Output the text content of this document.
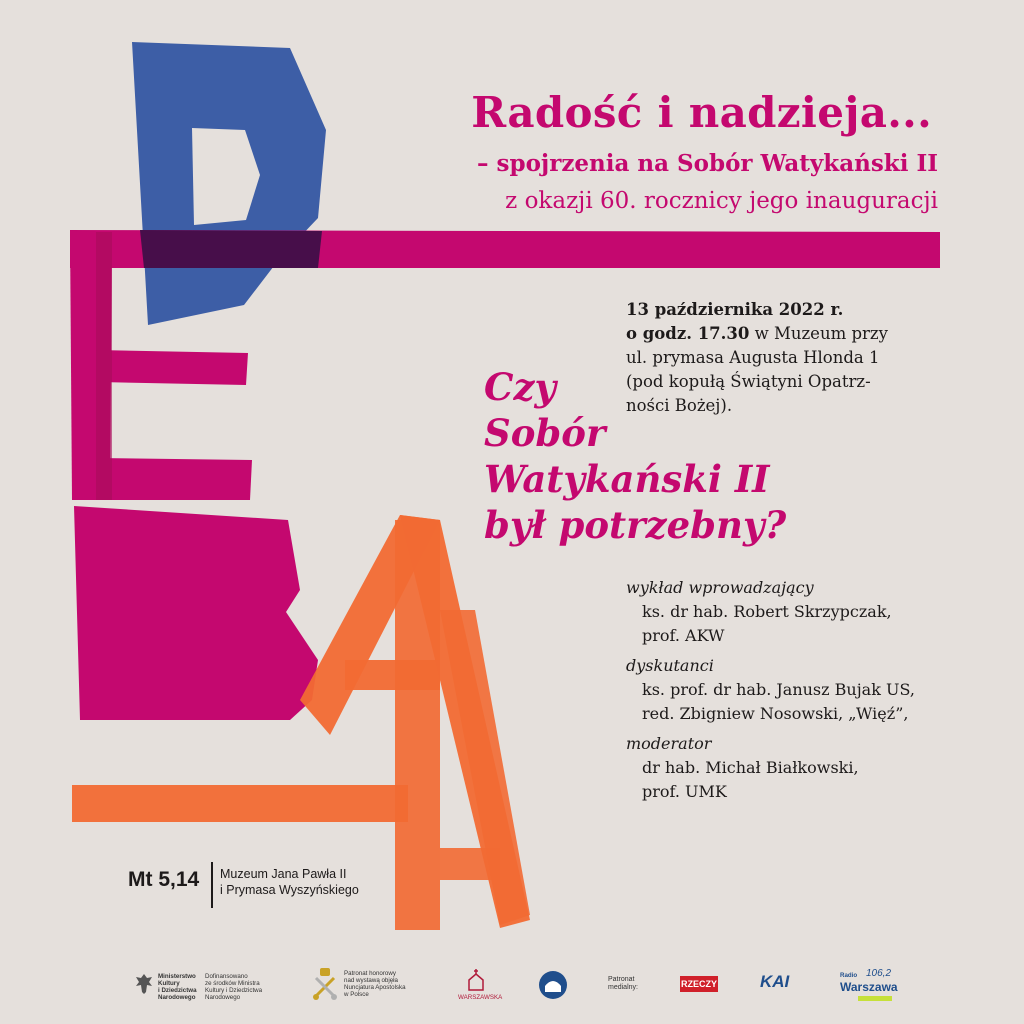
Radość i nadzieja...
– spojrzenia na Sobór Watykański II
z okazji 60. rocznicy jego inauguracji
13 października 2022 r.
o godz. 17.30 w Muzeum przy
ul. prymasa Augusta Hlonda 1
(pod kopułą Świątyni Opatrz-
ności Bożej).
Czy
Sobór
Watykański II
był potrzebny?
wykład wprowadzający
ks. dr hab. Robert Skrzypczak,
prof. AKW
dyskutanci
ks. prof. dr hab. Janusz Bujak US,
red. Zbigniew Nosowski, „Więź”,
moderator
dr hab. Michał Białkowski,
prof. UMK
Mt 5,14 Muzeum Jana Pawła II
i Prymasa Wyszyńskiego
Ministerstwo
Kultury
i Dziedzictwa
Narodowego
Dofinansowano
ze środków Ministra
Kultury i Dziedzictwa
Narodowego
Patronat honorowy
nad wystawą objęła
Nuncjatura Apostolska
w Polsce	WARSZAWSKA
Patronat
medialny:	RZECZY	KAI	Radio 106,2
Warszawa
